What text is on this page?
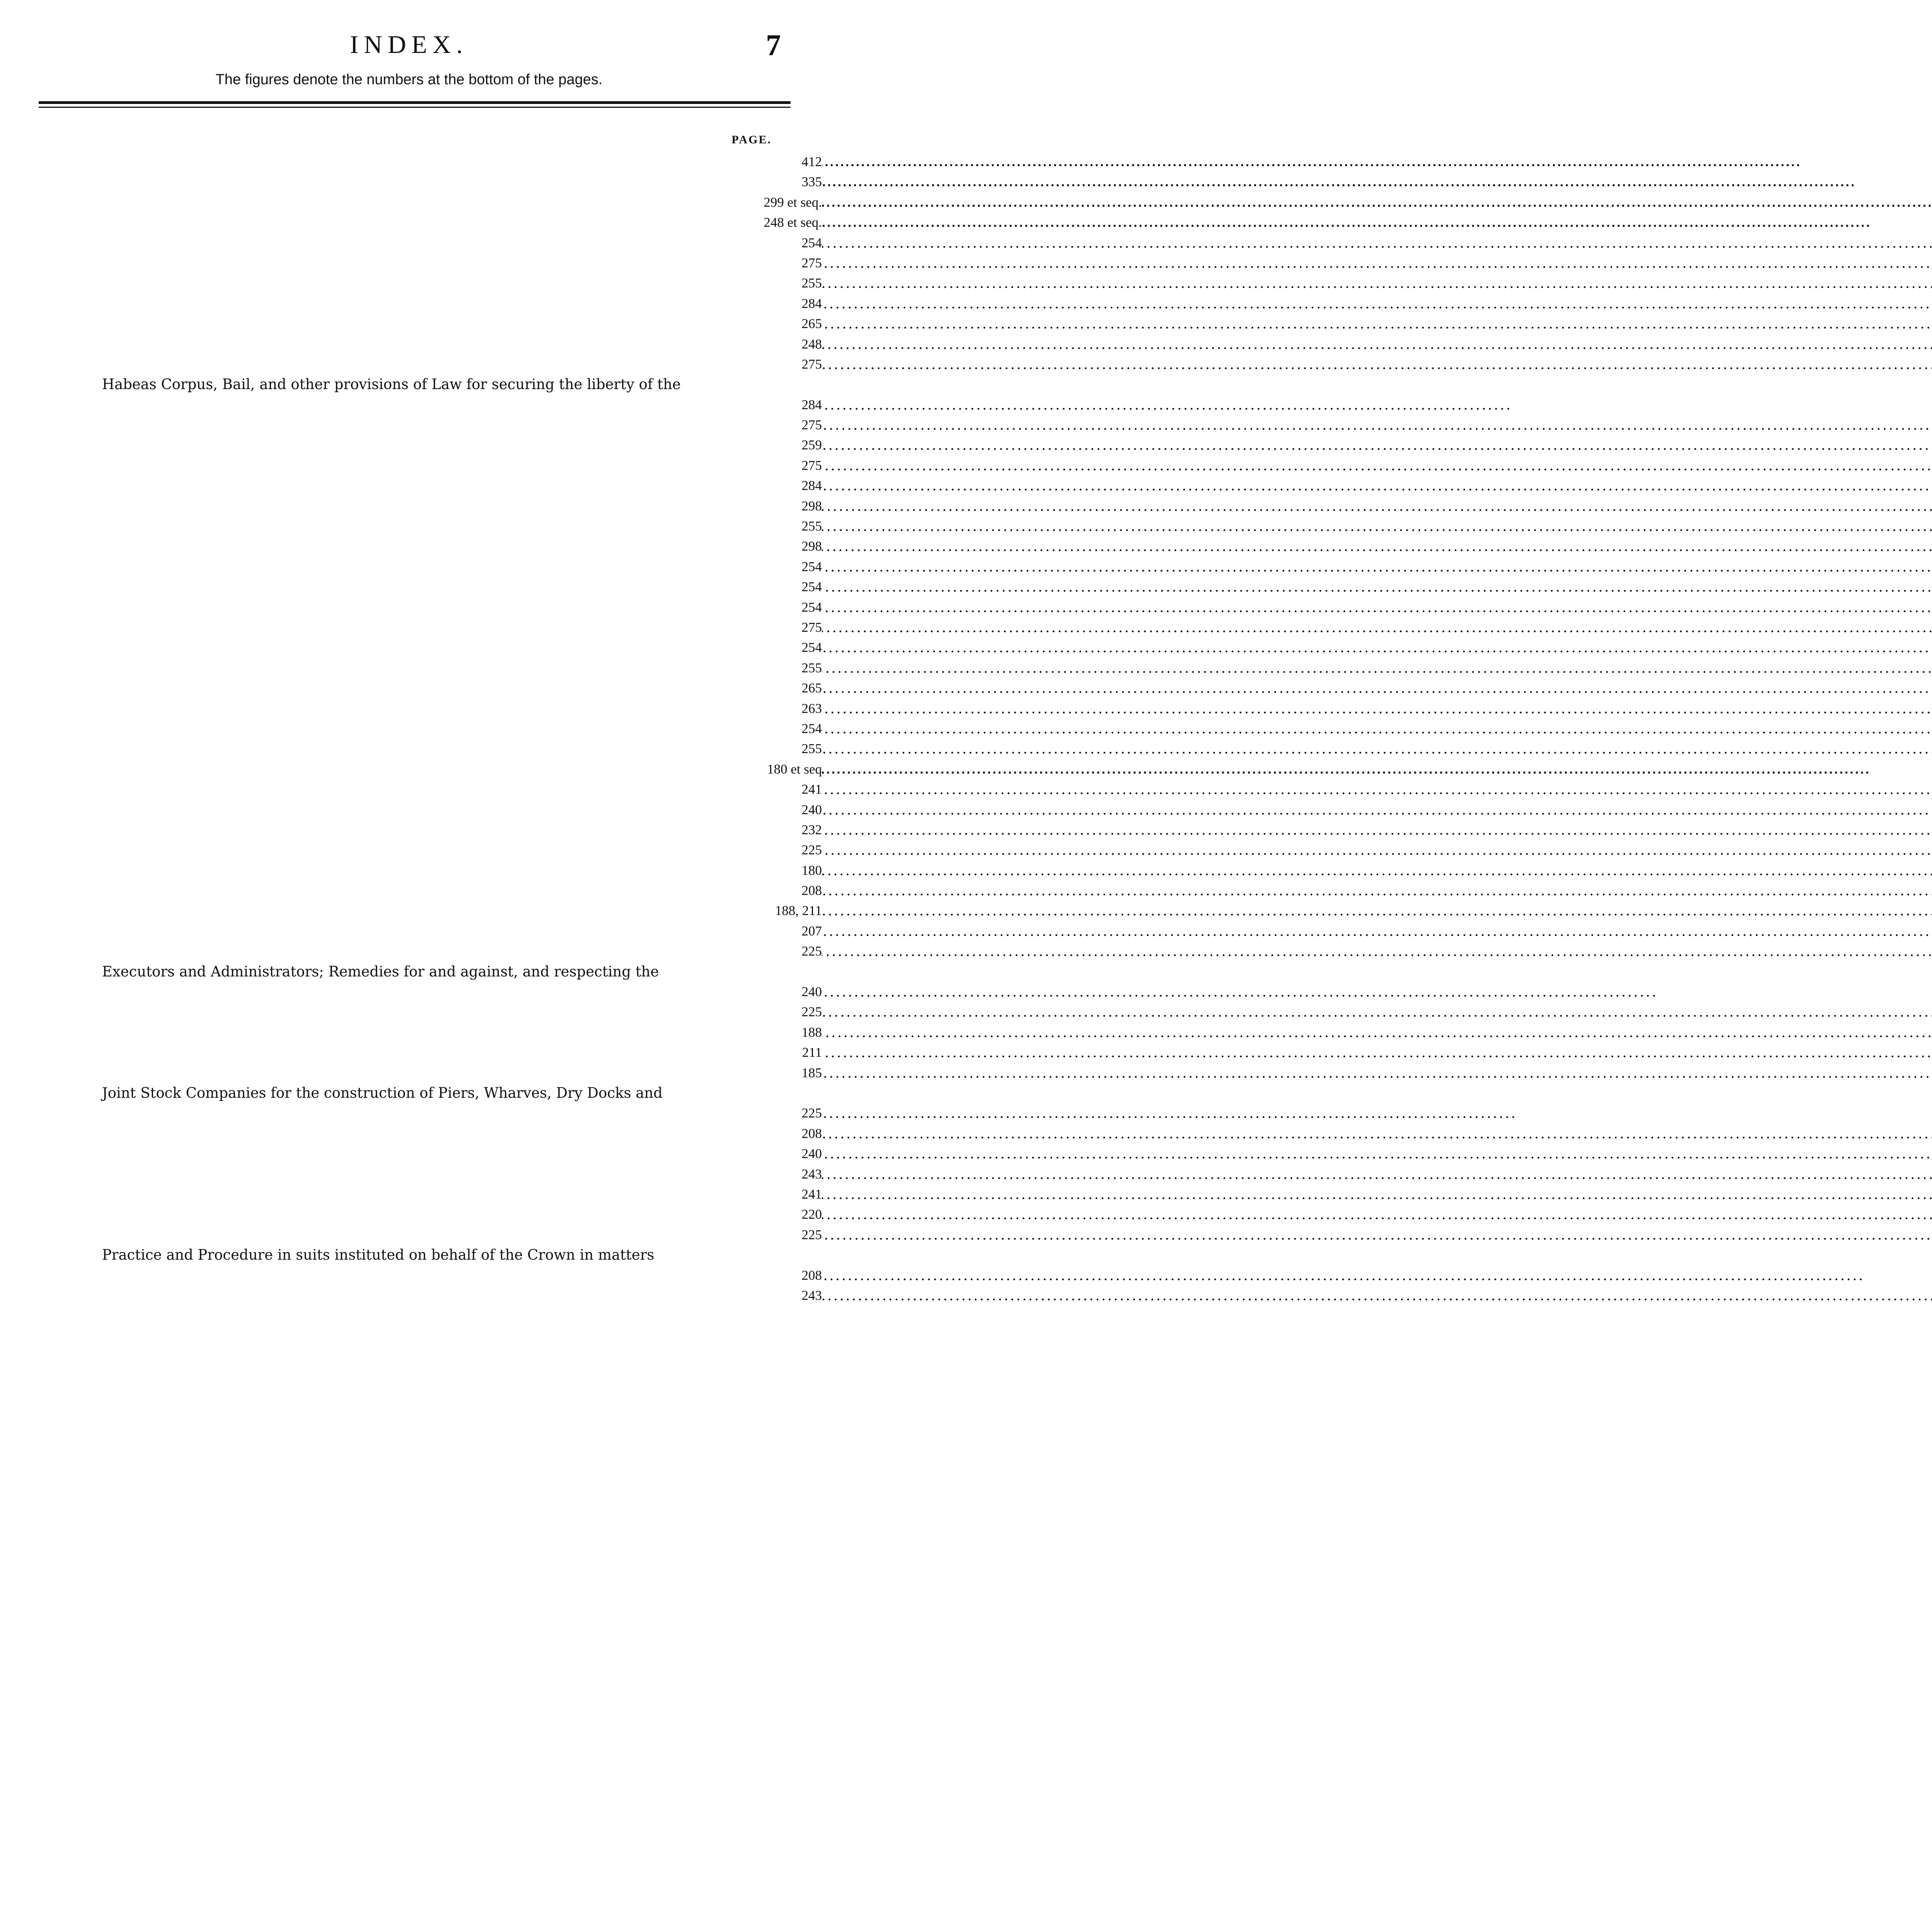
INDEX.	7
The figures denote the numbers at the bottom of the pages.
PAGE.
.....
412
.....
335
.....
299 et seq.
.....
248 et seq.
.....
254
.....
275
.....
255
.....
284
.....
265
.....
248
.....
275
Habeas Corpus, Bail, and other provisions of Law for securing the liberty of the
.....
284
.....
275
.....
259
.....
275
.....
284
.....
298
.....
255
.....
298
.....
254
.....
254
.....
254
.....
275
.....
254
.....
255
.....
265
.....
263
.....
254
.....
255
.....
180 et seq
.....
241
.....
240
.....
232
.....
225
.....
180
.....
208
.....
188, 211
.....
207
.....
225
Executors and Administrators; Remedies for and against, and respecting the
.....
240
.....
225
.....
188
.....
211
.....
185
Joint Stock Companies for the construction of Piers, Wharves, Dry Docks and
.....
225
.....
208
.....
240
.....
243
.....
241
.....
220
.....
225
Practice and Procedure in suits instituted on behalf of the Crown in matters
.....
208
.....
243
